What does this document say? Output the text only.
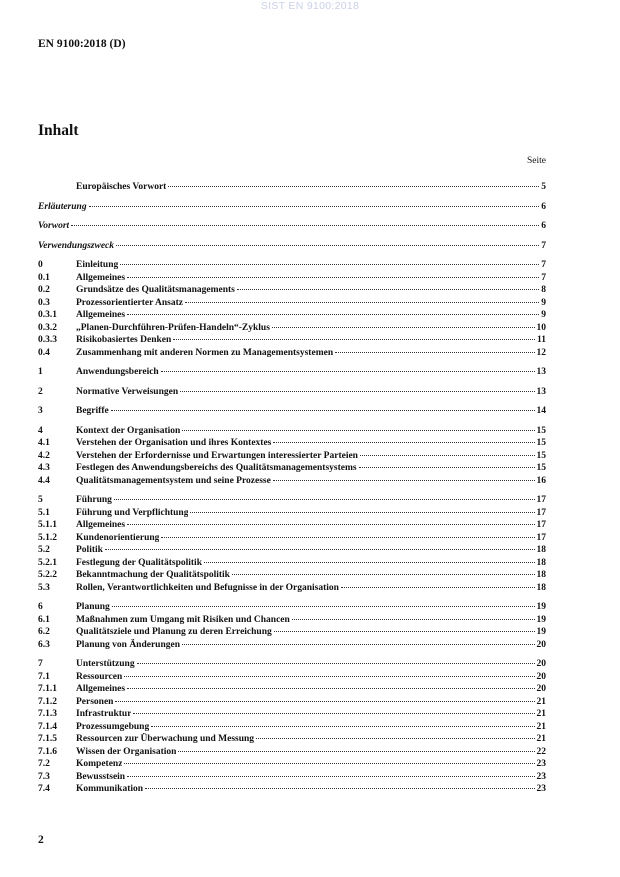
SIST EN 9100:2018
EN 9100:2018 (D)
Inhalt
Seite
Europäisches Vorwort	5
Erläuterung	6
Vorwort	6
Verwendungszweck	7
0	Einleitung	7
0.1	Allgemeines	7
0.2	Grundsätze des Qualitätsmanagements	8
0.3	Prozessorientierter Ansatz	9
0.3.1	Allgemeines	9
0.3.2	„Planen-Durchführen-Prüfen-Handeln“-Zyklus	10
0.3.3	Risikobasiertes Denken	11
0.4	Zusammenhang mit anderen Normen zu Managementsystemen	12
1	Anwendungsbereich	13
2	Normative Verweisungen	13
3	Begriffe	14
4	Kontext der Organisation	15
4.1	Verstehen der Organisation und ihres Kontextes	15
4.2	Verstehen der Erfordernisse und Erwartungen interessierter Parteien	15
4.3	Festlegen des Anwendungsbereichs des Qualitätsmanagementsystems	15
4.4	Qualitätsmanagementsystem und seine Prozesse	16
5	Führung	17
5.1	Führung und Verpflichtung	17
5.1.1	Allgemeines	17
5.1.2	Kundenorientierung	17
5.2	Politik	18
5.2.1	Festlegung der Qualitätspolitik	18
5.2.2	Bekanntmachung der Qualitätspolitik	18
5.3	Rollen, Verantwortlichkeiten und Befugnisse in der Organisation	18
6	Planung	19
6.1	Maßnahmen zum Umgang mit Risiken und Chancen	19
6.2	Qualitätsziele und Planung zu deren Erreichung	19
6.3	Planung von Änderungen	20
7	Unterstützung	20
7.1	Ressourcen	20
7.1.1	Allgemeines	20
7.1.2	Personen	21
7.1.3	Infrastruktur	21
7.1.4	Prozessumgebung	21
7.1.5	Ressourcen zur Überwachung und Messung	21
7.1.6	Wissen der Organisation	22
7.2	Kompetenz	23
7.3	Bewusstsein	23
7.4	Kommunikation	23
2
